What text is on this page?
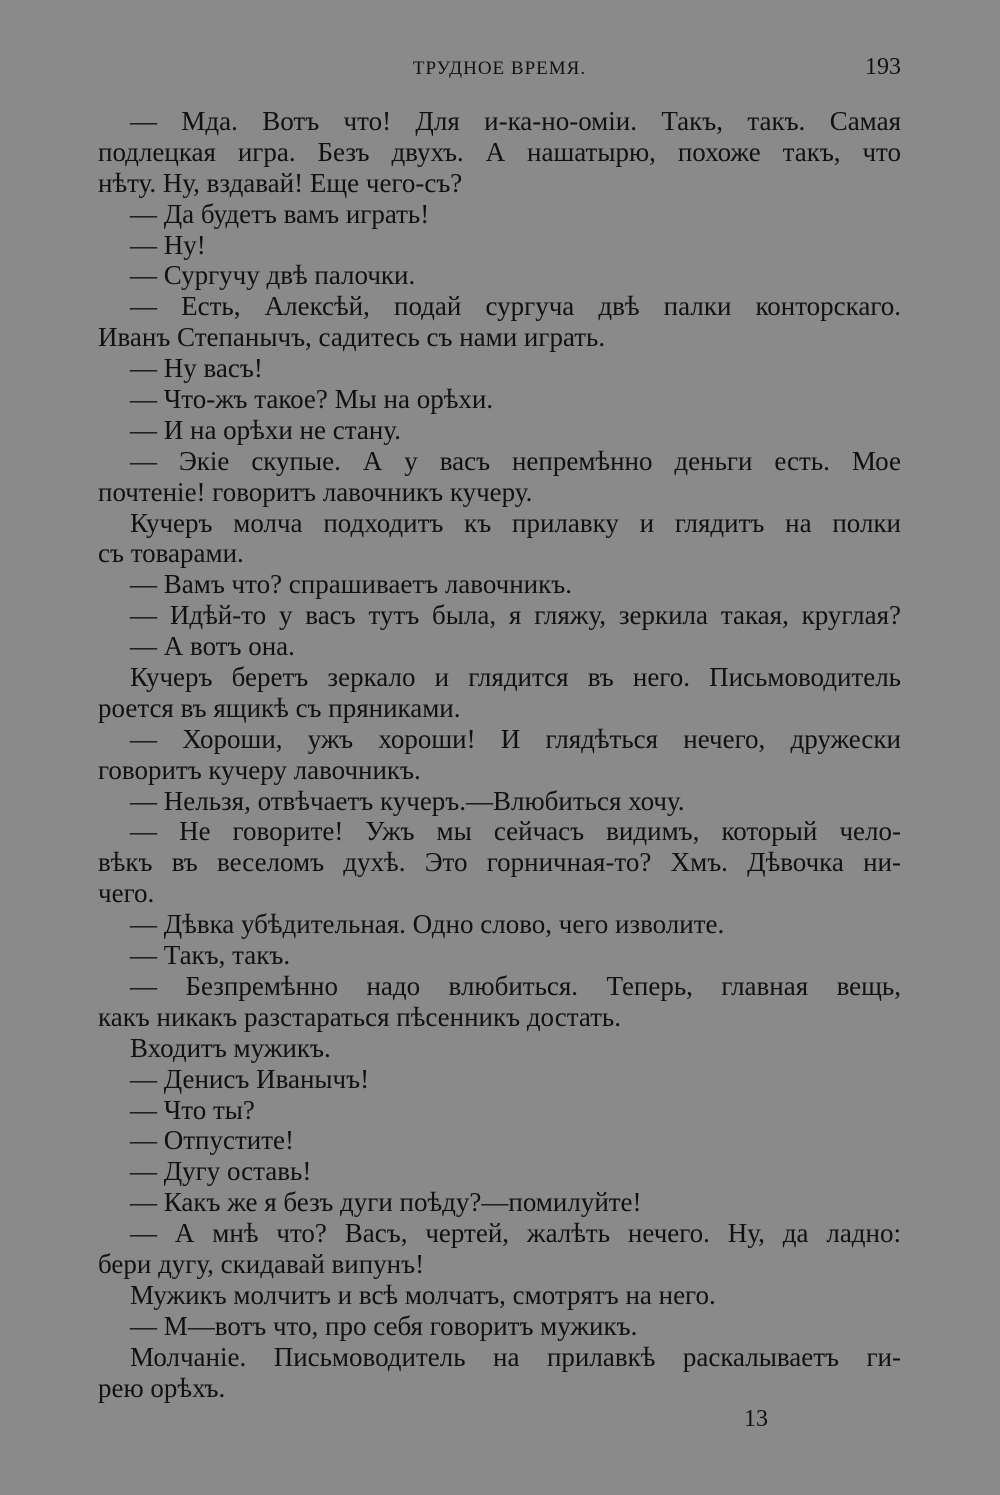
ТРУДНОЕ ВРЕМЯ.	193
— Мда. Вотъ что! Для и-ка-но-оміи. Такъ, такъ. Самая
подлецкая игра. Безъ двухъ. А нашатырю, похоже такъ, что
нѣту. Ну, вздавай! Еще чего-съ?
— Да будетъ вамъ играть!
— Ну!
— Сургучу двѣ палочки.
— Есть, Алексѣй, подай сургуча двѣ палки конторскаго.
Иванъ Степанычъ, садитесь съ нами играть.
— Ну васъ!
— Что-жъ такое? Мы на орѣхи.
— И на орѣхи не стану.
— Экіе скупые. А у васъ непремѣнно деньги есть. Мое
почтеніе! говоритъ лавочникъ кучеру.
Кучеръ молча подходитъ къ прилавку и глядитъ на полки
съ товарами.
— Вамъ что? спрашиваетъ лавочникъ.
— Идѣй-то у васъ тутъ была, я гляжу, зеркила такая, круглая?
— А вотъ она.
Кучеръ беретъ зеркало и глядится въ него. Письмоводитель
роется въ ящикѣ съ пряниками.
— Хороши, ужъ хороши! И глядѣться нечего, дружески
говоритъ кучеру лавочникъ.
— Нельзя, отвѣчаетъ кучеръ.—Влюбиться хочу.
— Не говорите! Ужъ мы сейчасъ видимъ, который чело-
вѣкъ въ веселомъ духѣ. Это горничная-то? Хмъ. Дѣвочка ни-
чего.
— Дѣвка убѣдительная. Одно слово, чего изволите.
— Такъ, такъ.
— Безпремѣнно надо влюбиться. Теперь, главная вещь,
какъ никакъ разстараться пѣсенникъ достать.
Входитъ мужикъ.
— Денисъ Иванычъ!
— Что ты?
— Отпустите!
— Дугу оставь!
— Какъ же я безъ дуги поѣду?—помилуйте!
— А мнѣ что? Васъ, чертей, жалѣть нечего. Ну, да ладно:
бери дугу, скидавай випунъ!
Мужикъ молчитъ и всѣ молчатъ, смотрятъ на него.
— М—вотъ что, про себя говоритъ мужикъ.
Молчаніе. Письмоводитель на прилавкѣ раскалываетъ ги-
рею орѣхъ.
13
